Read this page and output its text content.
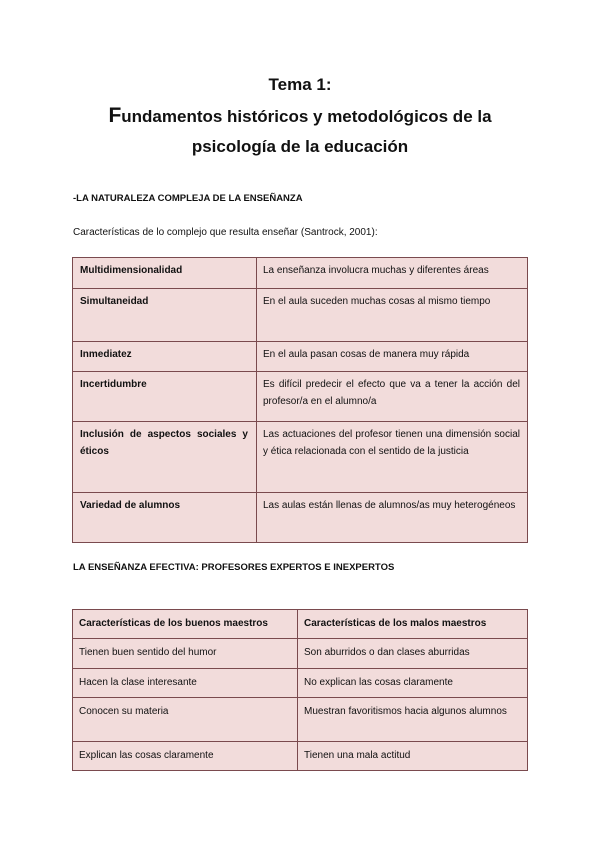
Tema 1:
Fundamentos históricos y metodológicos de la
psicología de la educación
-LA NATURALEZA COMPLEJA DE LA ENSEÑANZA
Características de lo complejo que resulta enseñar (Santrock, 2001):
Multidimensionalidad	La enseñanza involucra muchas y diferentes áreas
Simultaneidad	En el aula suceden muchas cosas al mismo tiempo
Inmediatez	En el aula pasan cosas de manera muy rápida
Incertidumbre	Es difícil predecir el efecto que va a tener la acción del profesor/a en el alumno/a
Inclusión de aspectos sociales y éticos	Las actuaciones del profesor tienen una dimensión social y ética relacionada con el sentido de la justicia
Variedad de alumnos	Las aulas están llenas de alumnos/as muy heterogéneos
LA ENSEÑANZA EFECTIVA: PROFESORES EXPERTOS E INEXPERTOS
Características de los buenos maestros	Características de los malos maestros
Tienen buen sentido del humor	Son aburridos o dan clases aburridas
Hacen la clase interesante	No explican las cosas claramente
Conocen su materia	Muestran favoritismos hacia algunos alumnos
Explican las cosas claramente	Tienen una mala actitud
